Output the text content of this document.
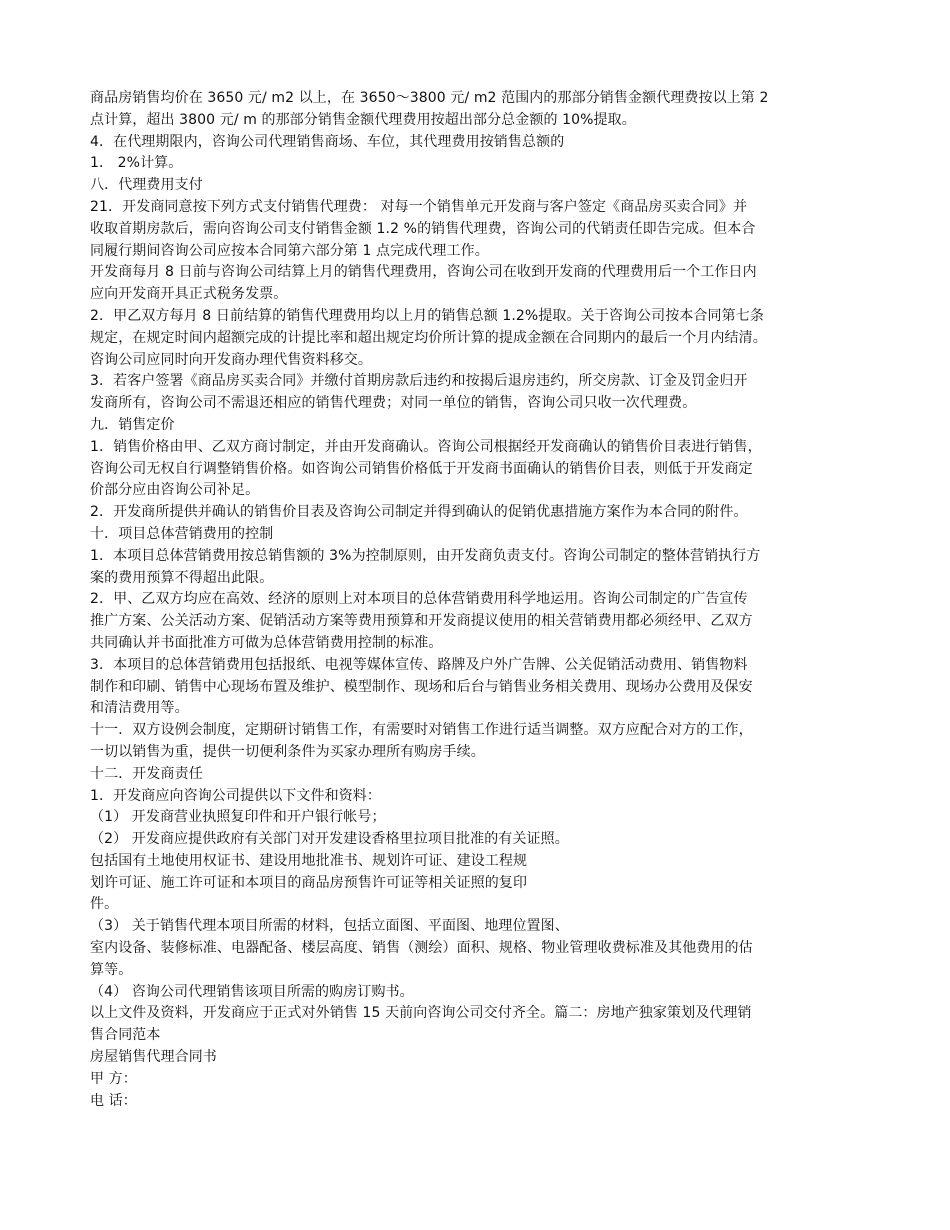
商品房销售均价在 3650 元/ m2 以上，在 3650～3800 元/ m2 范围内的那部分销售金额代理费按以上第 2
点计算，超出 3800 元/ m 的那部分销售金额代理费用按超出部分总金额的 10%提取。
4．在代理期限内，咨询公司代理销售商场、车位，其代理费用按销售总额的
1． 2%计算。
八．代理费用支付
21．开发商同意按下列方式支付销售代理费： 对每一个销售单元开发商与客户签定《商品房买卖合同》并
收取首期房款后，需向咨询公司支付销售金额 1.2 %的销售代理费，咨询公司的代销责任即告完成。但本合
同履行期间咨询公司应按本合同第六部分第 1 点完成代理工作。
开发商每月 8 日前与咨询公司结算上月的销售代理费用，咨询公司在收到开发商的代理费用后一个工作日内
应向开发商开具正式税务发票。
2．甲乙双方每月 8 日前结算的销售代理费用均以上月的销售总额 1.2%提取。关于咨询公司按本合同第七条
规定，在规定时间内超额完成的计提比率和超出规定均价所计算的提成金额在合同期内的最后一个月内结清。
咨询公司应同时向开发商办理代售资料移交。
3．若客户签署《商品房买卖合同》并缴付首期房款后违约和按揭后退房违约，所交房款、订金及罚金归开
发商所有，咨询公司不需退还相应的销售代理费；对同一单位的销售，咨询公司只收一次代理费。
九．销售定价
1．销售价格由甲、乙双方商讨制定，并由开发商确认。咨询公司根据经开发商确认的销售价目表进行销售，
咨询公司无权自行调整销售价格。如咨询公司销售价格低于开发商书面确认的销售价目表，则低于开发商定
价部分应由咨询公司补足。
2．开发商所提供并确认的销售价目表及咨询公司制定并得到确认的促销优惠措施方案作为本合同的附件。
十．项目总体营销费用的控制
1．本项目总体营销费用按总销售额的 3%为控制原则，由开发商负责支付。咨询公司制定的整体营销执行方
案的费用预算不得超出此限。
2．甲、乙双方均应在高效、经济的原则上对本项目的总体营销费用科学地运用。咨询公司制定的广告宣传
推广方案、公关活动方案、促销活动方案等费用预算和开发商提议使用的相关营销费用都必须经甲、乙双方
共同确认并书面批准方可做为总体营销费用控制的标准。
3．本项目的总体营销费用包括报纸、电视等媒体宣传、路牌及户外广告牌、公关促销活动费用、销售物料
制作和印刷、销售中心现场布置及维护、模型制作、现场和后台与销售业务相关费用、现场办公费用及保安
和清洁费用等。
十一．双方设例会制度，定期研讨销售工作，有需要时对销售工作进行适当调整。双方应配合对方的工作，
一切以销售为重，提供一切便利条件为买家办理所有购房手续。
十二．开发商责任
1．开发商应向咨询公司提供以下文件和资料：
（1） 开发商营业执照复印件和开户银行帐号；
（2） 开发商应提供政府有关部门对开发建设香格里拉项目批准的有关证照。
包括国有土地使用权证书、建设用地批准书、规划许可证、建设工程规
划许可证、施工许可证和本项目的商品房预售许可证等相关证照的复印
件。
（3） 关于销售代理本项目所需的材料，包括立面图、平面图、地理位置图、
室内设备、装修标准、电器配备、楼层高度、销售（测绘）面积、规格、物业管理收费标准及其他费用的估
算等。
（4） 咨询公司代理销售该项目所需的购房订购书。
以上文件及资料，开发商应于正式对外销售 15 天前向咨询公司交付齐全。篇二：房地产独家策划及代理销
售合同范本
房屋销售代理合同书
甲 方：
电 话：
